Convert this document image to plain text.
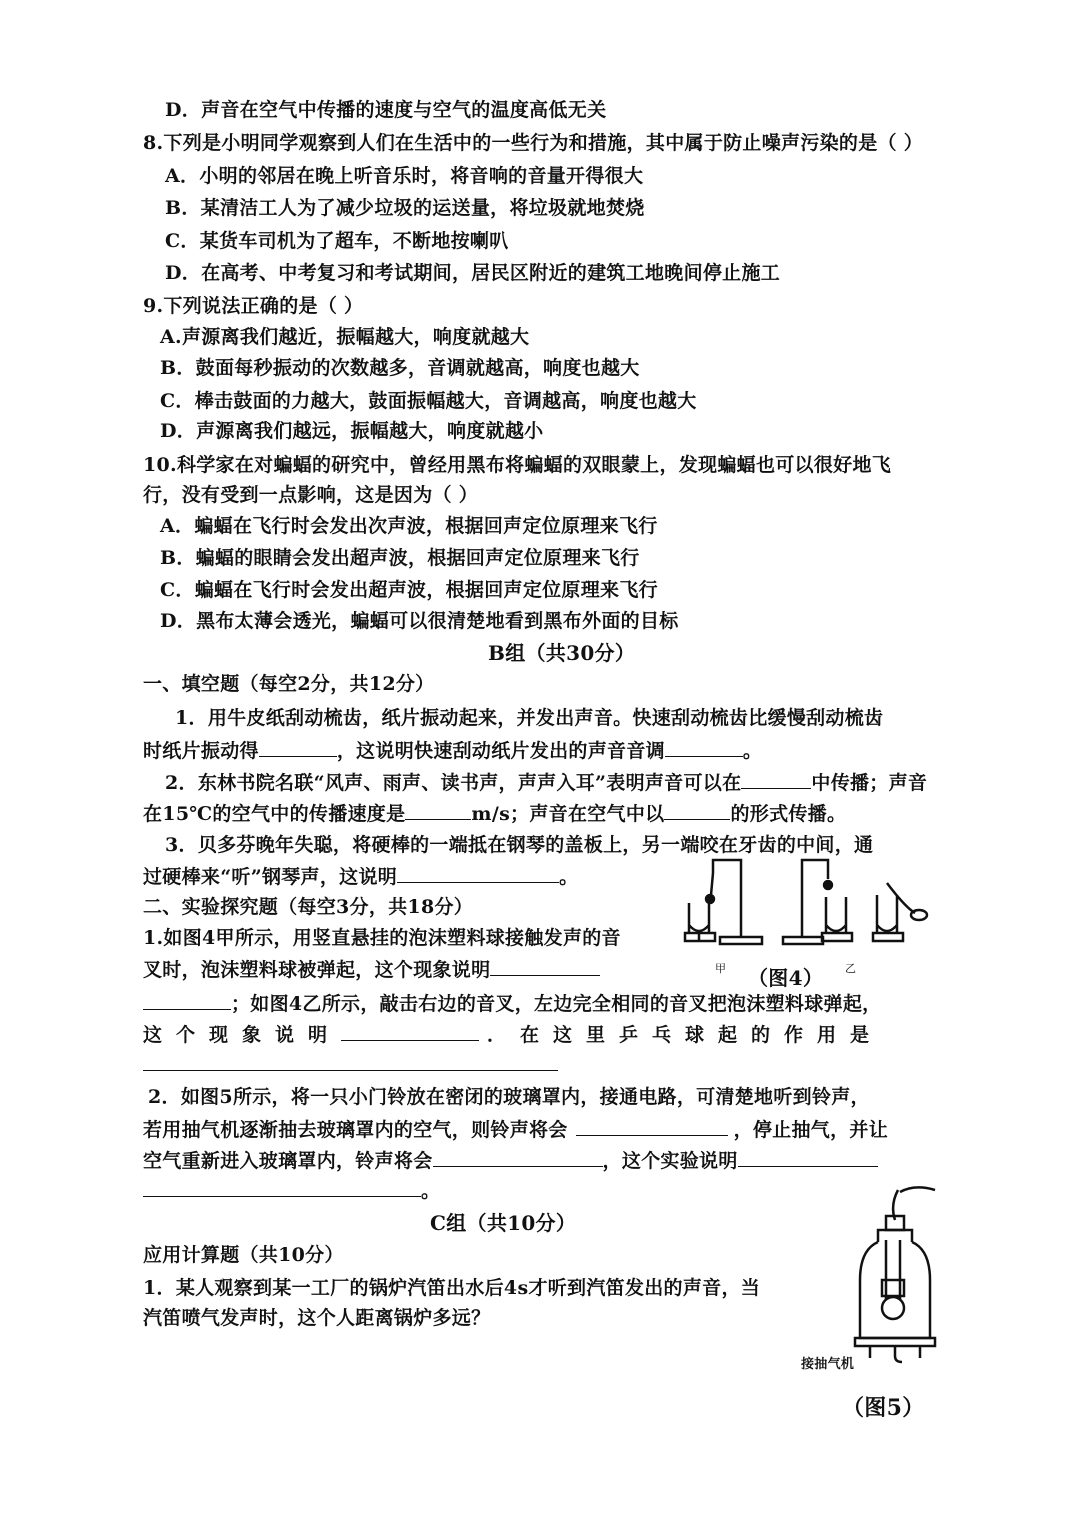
D．声音在空气中传播的速度与空气的温度高低无关
8.下列是小明同学观察到人们在生活中的一些行为和措施，其中属于防止噪声污染的是（ ）
A．小明的邻居在晚上听音乐时，将音响的音量开得很大
B．某清洁工人为了减少垃圾的运送量，将垃圾就地焚烧
C．某货车司机为了超车，不断地按喇叭
D．在高考、中考复习和考试期间，居民区附近的建筑工地晚间停止施工
9.下列说法正确的是（ ）
A.声源离我们越近，振幅越大，响度就越大
B．鼓面每秒振动的次数越多，音调就越高，响度也越大
C．棒击鼓面的力越大，鼓面振幅越大，音调越高，响度也越大
D．声源离我们越远，振幅越大，响度就越小
10.科学家在对蝙蝠的研究中，曾经用黑布将蝙蝠的双眼蒙上，发现蝙蝠也可以很好地飞
行，没有受到一点影响，这是因为（ ）
A．蝙蝠在飞行时会发出次声波，根据回声定位原理来飞行
B．蝙蝠的眼睛会发出超声波，根据回声定位原理来飞行
C．蝙蝠在飞行时会发出超声波，根据回声定位原理来飞行
D．黑布太薄会透光，蝙蝠可以很清楚地看到黑布外面的目标
B组（共30分）
一、填空题（每空2分，共12分）
1．用牛皮纸刮动梳齿，纸片振动起来，并发出声音。快速刮动梳齿比缓慢刮动梳齿
时纸片振动得	，这说明快速刮动纸片发出的声音音调	。
2．东林书院名联“风声、雨声、读书声，声声入耳”表明声音可以在	中传播；声音
在15℃的空气中的传播速度是	m/s；声音在空气中以	的形式传播。
3．贝多芬晚年失聪，将硬棒的一端抵在钢琴的盖板上，另一端咬在牙齿的中间，通
过硬棒来“听”钢琴声，这说明	。
二、实验探究题（每空3分，共18分）
1.如图4甲所示，用竖直悬挂的泡沫塑料球接触发声的音
叉时，泡沫塑料球被弹起，这个现象说明
；如图4乙所示，敲击右边的音叉，左边完全相同的音叉把泡沫塑料球弹起，
这个现象说明	．在这里乒乓球起的作用是
2．如图5所示，将一只小门铃放在密闭的玻璃罩内，接通电路，可清楚地听到铃声，
若用抽气机逐渐抽去玻璃罩内的空气，则铃声将会	，停止抽气，并让
空气重新进入玻璃罩内，铃声将会	，这个实验说明
。
C组（共10分）
应用计算题（共10分）
1．某人观察到某一工厂的锅炉汽笛出水后4s才听到汽笛发出的声音，当
汽笛喷气发声时，这个人距离锅炉多远？
甲 （图4） 乙
接抽气机
（图5）
